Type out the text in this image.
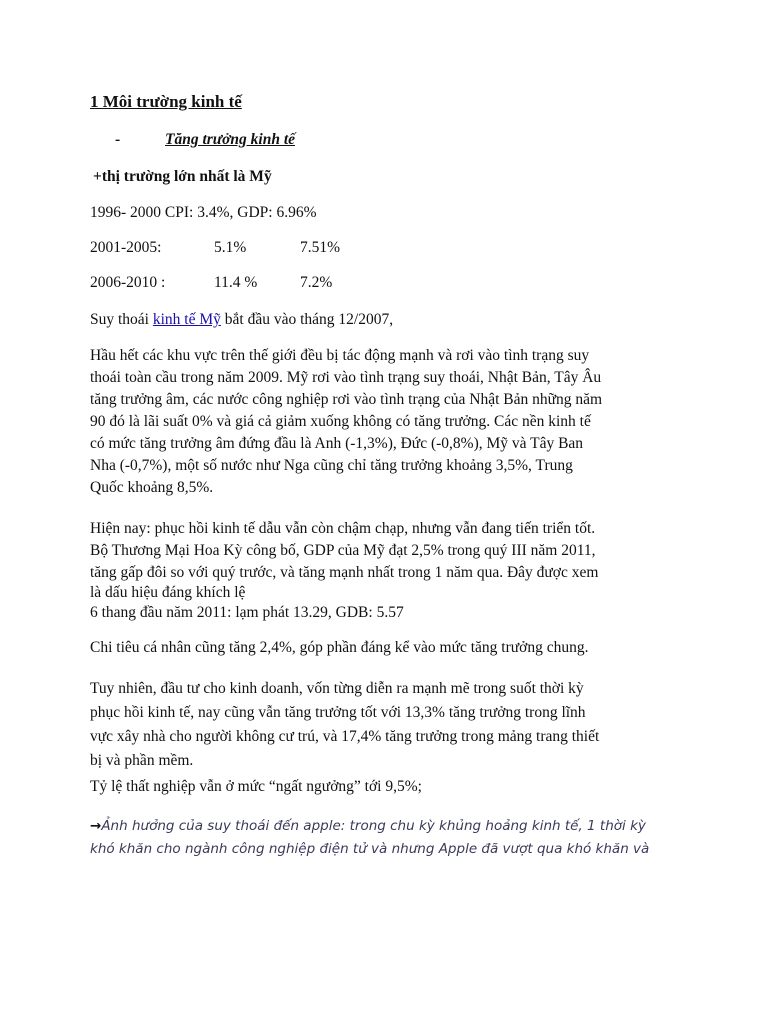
1 Môi trường kinh tế
-	Tăng trưởng kinh tế
+thị trường lớn nhất là Mỹ
1996- 2000 CPI: 3.4%, GDP: 6.96%
2001-2005:	5.1%	7.51%
2006-2010 :	11.4 %	7.2%
Suy thoái kinh tế Mỹ bắt đầu vào tháng 12/2007,
Hầu hết các khu vực trên thế giới đều bị tác động mạnh và rơi vào tình trạng suy
thoái toàn cầu trong năm 2009. Mỹ rơi vào tình trạng suy thoái, Nhật Bản, Tây Âu
tăng trưởng âm, các nước công nghiệp rơi vào tình trạng của Nhật Bản những năm
90 đó là lãi suất 0% và giá cả giảm xuống không có tăng trưởng. Các nền kinh tế
có mức tăng trưởng âm đứng đầu là Anh (-1,3%), Đức (-0,8%), Mỹ và Tây Ban
Nha (-0,7%), một số nước như Nga cũng chỉ tăng trưởng khoảng 3,5%, Trung
Quốc khoảng 8,5%.
Hiện nay: phục hồi kinh tế dẫu vẫn còn chậm chạp, nhưng vẫn đang tiến triển tốt.
Bộ Thương Mại Hoa Kỳ công bố, GDP của Mỹ đạt 2,5% trong quý III năm 2011,
tăng gấp đôi so với quý trước, và tăng mạnh nhất trong 1 năm qua. Đây được xem
là dấu hiệu đáng khích lệ
6 thang đầu năm 2011: lạm phát 13.29, GDB: 5.57
Chi tiêu cá nhân cũng tăng 2,4%, góp phần đáng kể vào mức tăng trưởng chung.
Tuy nhiên, đầu tư cho kinh doanh, vốn từng diễn ra mạnh mẽ trong suốt thời kỳ
phục hồi kinh tế, nay cũng vẫn tăng trưởng tốt với 13,3% tăng trưởng trong lĩnh
vực xây nhà cho người không cư trú, và 17,4% tăng trưởng trong mảng trang thiết
bị và phần mềm.
Tỷ lệ thất nghiệp vẫn ở mức “ngất ngưởng” tới 9,5%;
→Ảnh hưởng của suy thoái đến apple: trong chu kỳ khủng hoảng kinh tế, 1 thời kỳ
khó khăn cho ngành công nghiệp điện tử và nhưng Apple đã vượt qua khó khăn và
